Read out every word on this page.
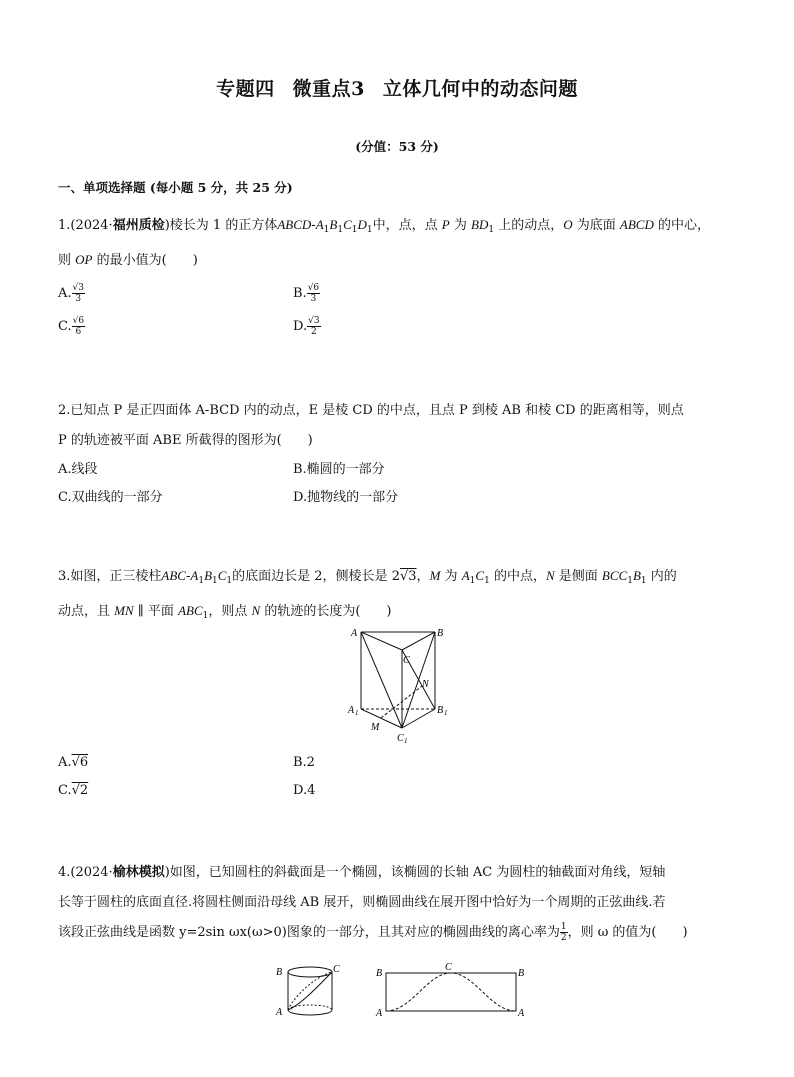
专题四 微重点3 立体几何中的动态问题
(分值：53 分)
一、单项选择题 (每小题 5 分，共 25 分)
1.(2024·福州质检)棱长为 1 的正方体ABCD-$A_1B_1C_1D_1$中，点，点 P 为 $BD_1$ 上的动点，O 为底面 ABCD 的中心，
则 OP 的最小值为(　　)
A. $\frac{√3}{3}$	B. $\frac{√6}{3}$
C. $\frac{√6}{6}$	D. $\frac{√3}{2}$
2.已知点 P 是正四面体 A-BCD 内的动点，E 是棱 CD 的中点，且点 P 到棱 AB 和棱 CD 的距离相等，则点
P 的轨迹被平面 ABE 所截得的图形为(　　)
A.线段	B.椭圆的一部分
C.双曲线的一部分	D.抛物线的一部分
3.如图，正三棱柱ABC-$A_1B_1C_1$的底面边长是 2，侧棱长是 2√3，M 为 $A_1C_1$ 的中点，N 是侧面 $BCC_1B_1$ 内的
动点，且 MN ∥ 平面 $ABC_1$，则点 N 的轨迹的长度为(　　)
A	B
C
N
A 1	B 1
M
C 1
A.√6	B.2
C.√2	D.4
4.(2024·榆林模拟)如图，已知圆柱的斜截面是一个椭圆，该椭圆的长轴 AC 为圆柱的轴截面对角线，短轴
长等于圆柱的底面直径.将圆柱侧面沿母线 AB 展开，则椭圆曲线在展开图中恰好为一个周期的正弦曲线.若
该段正弦曲线是函数 y=2sin ωx(ω>0)图象的一部分，且其对应的椭圆曲线的离心率为 $\frac{1}{2}$ ，则 ω 的值为(　　)
B	C
A
B
C
B
A	A
